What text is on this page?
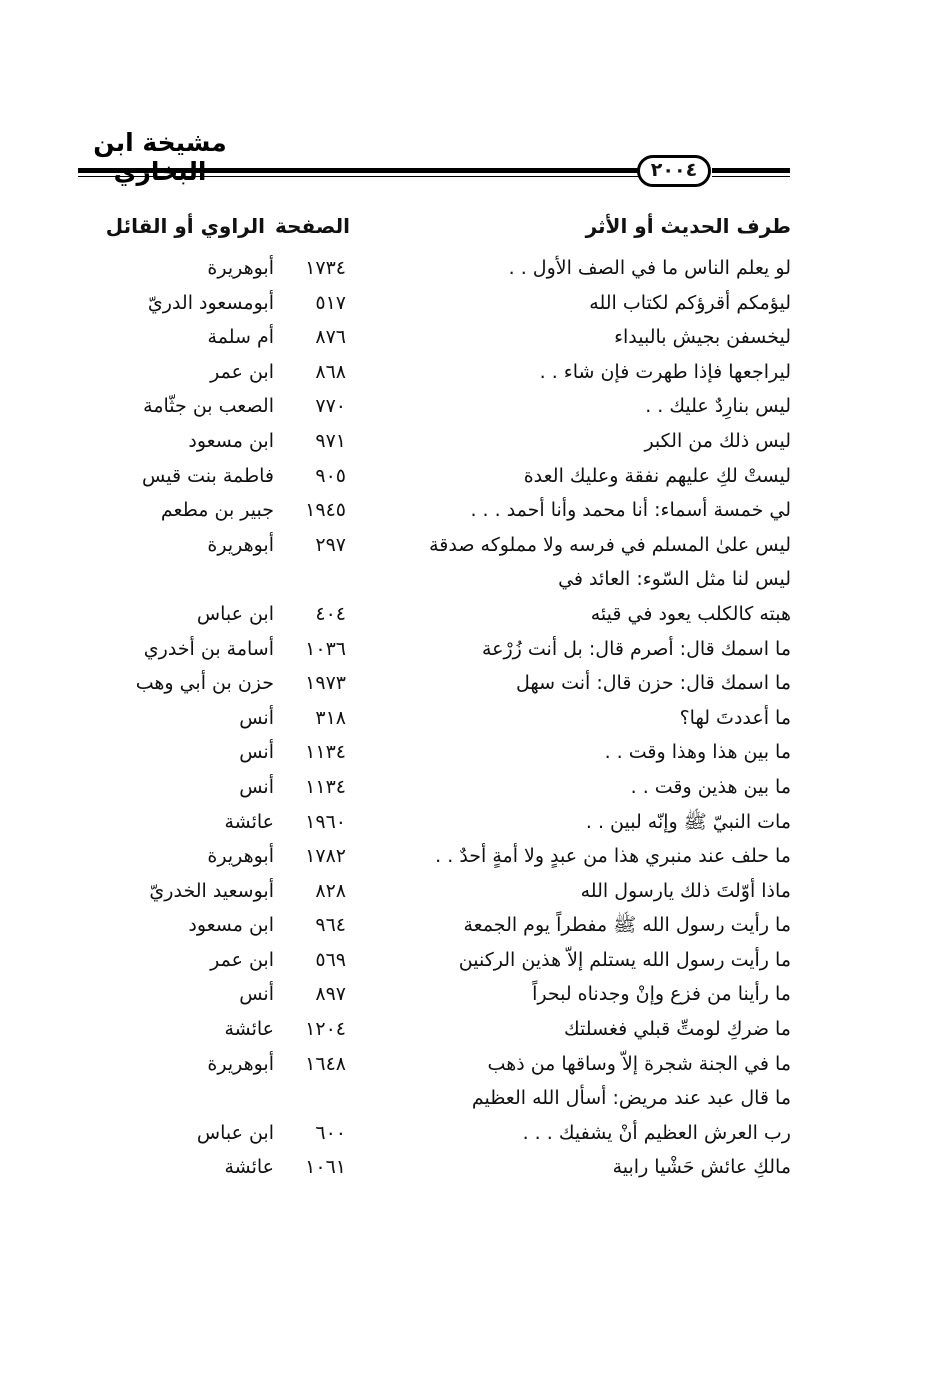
مشيخة ابن
٢٠٠٤
طرف الحديث أو الأثر
الصفحة
الراوي أو القائل
لو يعلم الناس ما في الصف الأول . .
١٧٣٤
أبوهريرة
ليؤمكم أقرؤكم لكتاب الله
٥١٧
أبومسعود الدريّ
ليخسفن بجيش بالبيداء
٨٧٦
أم سلمة
ليراجعها فإذا طهرت فإن شاء . .
٨٦٨
ابن عمر
ليس بنارِدٌ عليك . .
٧٧٠
الصعب بن جثّامة
ليس ذلك من الكبر
٩٧١
ابن مسعود
ليستْ لكِ عليهم نفقة وعليك العدة
٩٠٥
فاطمة بنت قيس
لي خمسة أسماء: أنا محمد وأنا أحمد . . .
١٩٤٥
جبير بن مطعم
ليس علىٰ المسلم في فرسه ولا مملوكه صدقة
٢٩٧
أبوهريرة
ليس لنا مثل السّوء: العائد في
هبته كالكلب يعود في قيئه
٤٠٤
ابن عباس
ما اسمك قال: أصرم قال: بل أنت زُرْعة
١٠٣٦
أسامة بن أخدري
ما اسمك قال: حزن قال: أنت سهل
١٩٧٣
حزن بن أبي وهب
ما أعددتَ لها؟
٣١٨
أنس
ما بين هذا وهذا وقت . .
١١٣٤
أنس
ما بين هذين وقت . .
١١٣٤
أنس
مات النبيّ ﷺ وإنّه لبين . .
١٩٦٠
عائشة
ما حلف عند منبري هذا من عبدٍ ولا أمةٍ أحدٌ . .
١٧٨٢
أبوهريرة
ماذا أوّلتَ ذلك يارسول الله
٨٢٨
أبوسعيد الخدريّ
ما رأيت رسول الله ﷺ مفطراً يوم الجمعة
٩٦٤
ابن مسعود
ما رأيت رسول الله يستلم إلاّ هذين الركنين
٥٦٩
ابن عمر
ما رأينا من فزع وإنْ وجدناه لبحراً
٨٩٧
أنس
ما ضركِ لومتِّ قبلي فغسلتك
١٢٠٤
عائشة
ما في الجنة شجرة إلاّ وساقها من ذهب
١٦٤٨
أبوهريرة
ما قال عبد عند مريض: أسأل الله العظيم
رب العرش العظيم أنْ يشفيك . . .
٦٠٠
ابن عباس
مالكِ عائش حَشْيا رابية
١٠٦١
عائشة
